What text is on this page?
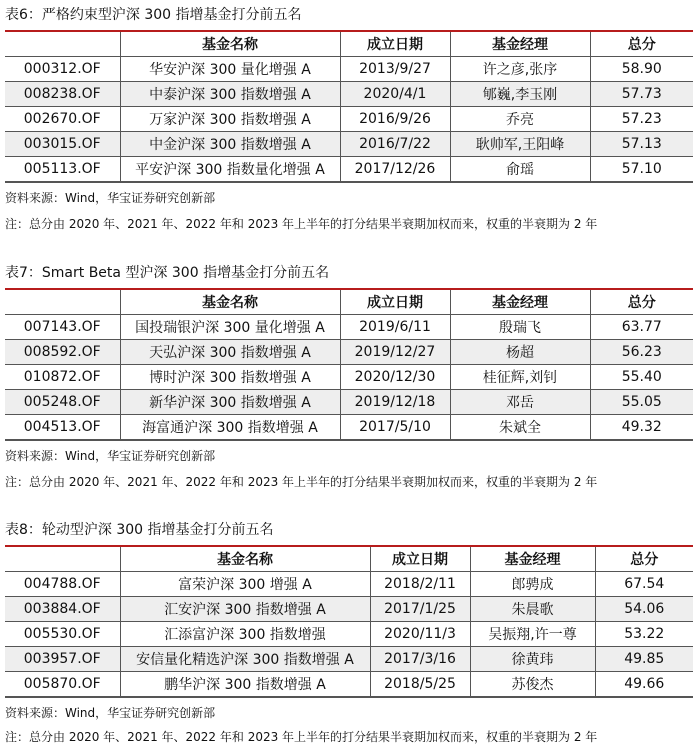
表6：严格约束型沪深 300 指增基金打分前五名
	基金名称	成立日期	基金经理	总分
000312.OF	华安沪深 300 量化增强 A	2013/9/27	许之彦,张序	58.90
008238.OF	中泰沪深 300 指数增强 A	2020/4/1	郇巍,李玉刚	57.73
002670.OF	万家沪深 300 指数增强 A	2016/9/26	乔亮	57.23
003015.OF	中金沪深 300 指数增强 A	2016/7/22	耿帅军,王阳峰	57.13
005113.OF	平安沪深 300 指数量化增强 A	2017/12/26	俞瑶	57.10
资料来源：Wind，华宝证券研究创新部
注：总分由 2020 年、2021 年、2022 年和 2023 年上半年的打分结果半衰期加权而来，权重的半衰期为 2 年
表7：Smart Beta 型沪深 300 指增基金打分前五名
	基金名称	成立日期	基金经理	总分
007143.OF	国投瑞银沪深 300 量化增强 A	2019/6/11	殷瑞飞	63.77
008592.OF	天弘沪深 300 指数增强 A	2019/12/27	杨超	56.23
010872.OF	博时沪深 300 指数增强 A	2020/12/30	桂征辉,刘钊	55.40
005248.OF	新华沪深 300 指数增强 A	2019/12/18	邓岳	55.05
004513.OF	海富通沪深 300 指数增强 A	2017/5/10	朱斌全	49.32
资料来源：Wind，华宝证券研究创新部
注：总分由 2020 年、2021 年、2022 年和 2023 年上半年的打分结果半衰期加权而来，权重的半衰期为 2 年
表8：轮动型沪深 300 指增基金打分前五名
	基金名称	成立日期	基金经理	总分
004788.OF	富荣沪深 300 增强 A	2018/2/11	郎骋成	67.54
003884.OF	汇安沪深 300 指数增强 A	2017/1/25	朱晨歌	54.06
005530.OF	汇添富沪深 300 指数增强	2020/11/3	吴振翔,许一尊	53.22
003957.OF	安信量化精选沪深 300 指数增强 A	2017/3/16	徐黄玮	49.85
005870.OF	鹏华沪深 300 指数增强 A	2018/5/25	苏俊杰	49.66
资料来源：Wind，华宝证券研究创新部
注：总分由 2020 年、2021 年、2022 年和 2023 年上半年的打分结果半衰期加权而来，权重的半衰期为 2 年
